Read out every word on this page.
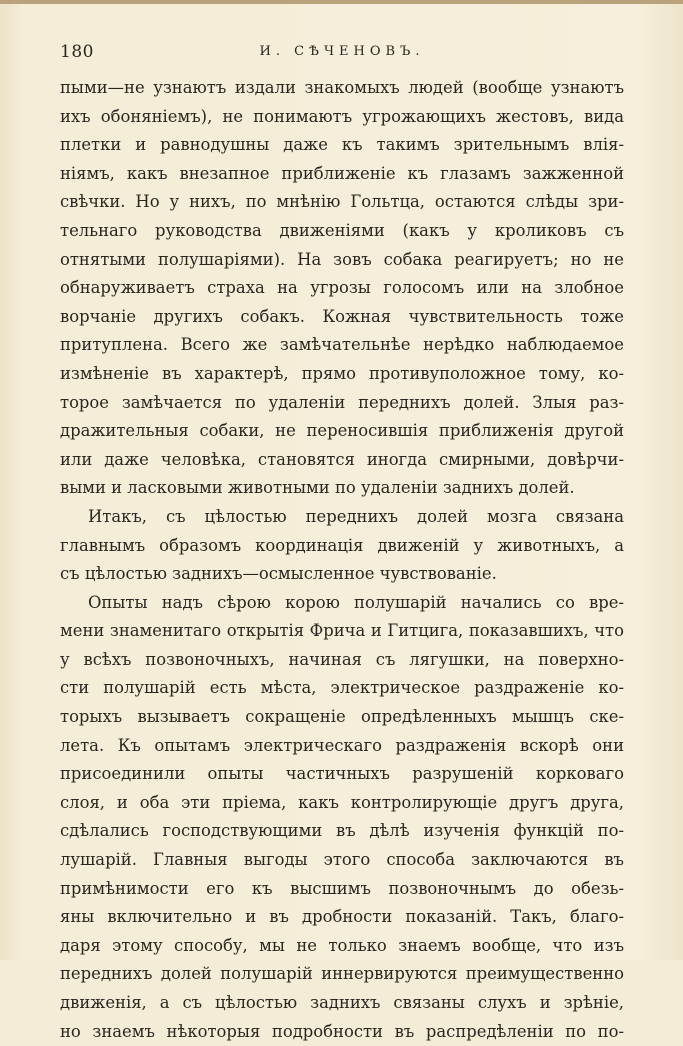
180	И. СѢЧЕНОВЪ.
пыми—не узнаютъ издали знакомыхъ людей (вообще узнаютъ
ихъ обоняніемъ), не понимаютъ угрожающихъ жестовъ, вида
плетки и равнодушны даже къ такимъ зрительнымъ влія-
ніямъ, какъ внезапное приближеніе къ глазамъ зажженной
свѣчки. Но у нихъ, по мнѣнію Гольтца, остаются слѣды зри-
тельнаго руководства движеніями (какъ у кроликовъ съ
отнятыми полушаріями). На зовъ собака реагируетъ; но не
обнаруживаетъ страха на угрозы голосомъ или на злобное
ворчаніе другихъ собакъ. Кожная чувствительность тоже
притуплена. Всего же замѣчательнѣе нерѣдко наблюдаемое
измѣненіе въ характерѣ, прямо противуположное тому, ко-
торое замѣчается по удаленіи переднихъ долей. Злыя раз-
дражительныя собаки, не переносившія приближенія другой
или даже человѣка, становятся иногда смирными, довѣрчи-
выми и ласковыми животными по удаленіи заднихъ долей.
Итакъ, съ цѣлостью переднихъ долей мозга связана
главнымъ образомъ координація движеній у животныхъ, а
съ цѣлостью заднихъ—осмысленное чувствованіе.
Опыты надъ сѣрою корою полушарій начались со вре-
мени знаменитаго открытія Фрича и Гитцига, показавшихъ, что
у всѣхъ позвоночныхъ, начиная съ лягушки, на поверхно-
сти полушарій есть мѣста, электрическое раздраженіе ко-
торыхъ вызываетъ сокращеніе опредѣленныхъ мышцъ ске-
лета. Къ опытамъ электрическаго раздраженія вскорѣ они
присоединили опыты частичныхъ разрушеній корковаго
слоя, и оба эти пріема, какъ контролирующіе другъ друга,
сдѣлались господствующими въ дѣлѣ изученія функцій по-
лушарій. Главныя выгоды этого способа заключаются въ
примѣнимости его къ высшимъ позвоночнымъ до обезь-
яны включительно и въ дробности показаній. Такъ, благо-
даря этому способу, мы не только знаемъ вообще, что изъ
переднихъ долей полушарій иннервируются преимущественно
движенія, а съ цѣлостью заднихъ связаны слухъ и зрѣніе,
но знаемъ нѣкоторыя подробности въ распредѣленіи по по-
